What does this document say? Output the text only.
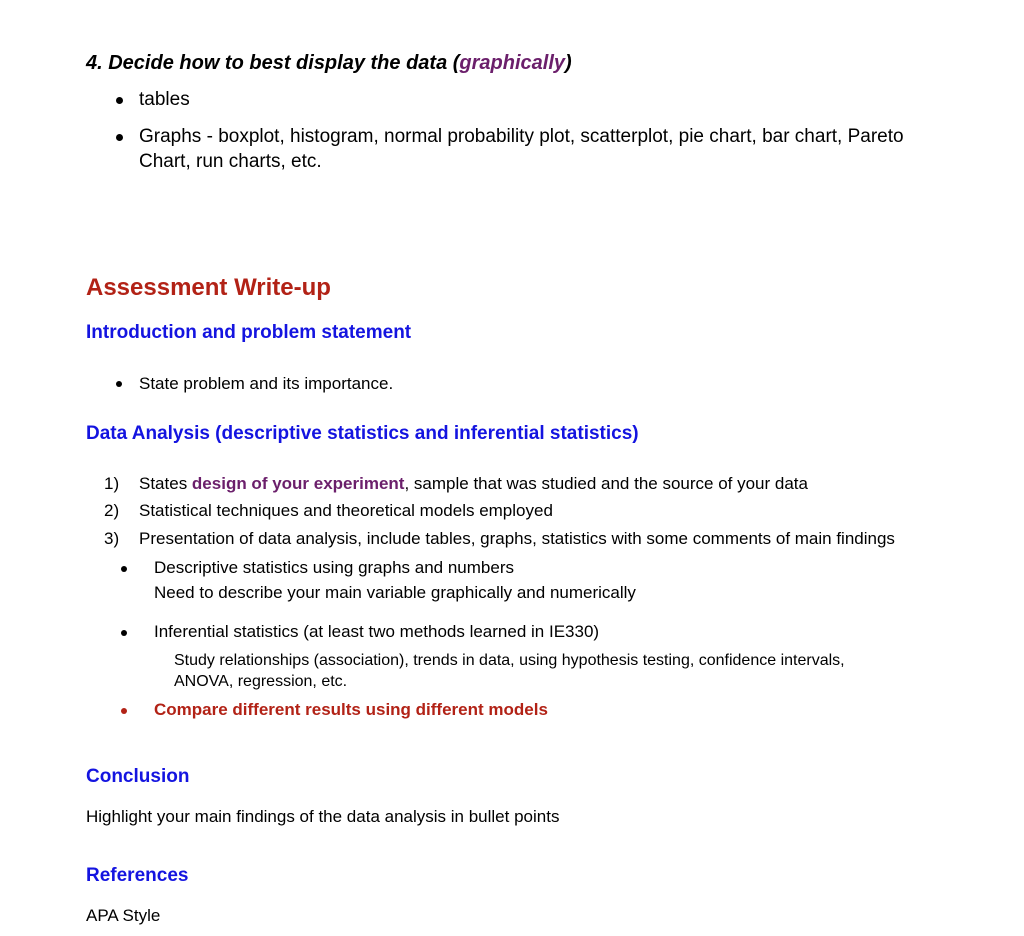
4. Decide how to best display the data (graphically)
tables
Graphs - boxplot, histogram, normal probability plot, scatterplot, pie chart, bar chart, Pareto
Chart, run charts, etc.
Assessment Write-up
Introduction and problem statement
State problem and its importance.
Data Analysis (descriptive statistics and inferential statistics)
1) States design of your experiment, sample that was studied and the source of your data
2) Statistical techniques and theoretical models employed
3) Presentation of data analysis, include tables, graphs, statistics with some comments of main findings
Descriptive statistics using graphs and numbers
Need to describe your main variable graphically and numerically
Inferential statistics (at least two methods learned in IE330)
Study relationships (association), trends in data, using hypothesis testing, confidence intervals,
ANOVA, regression, etc.
Compare different results using different models
Conclusion
Highlight your main findings of the data analysis in bullet points
References
APA Style
